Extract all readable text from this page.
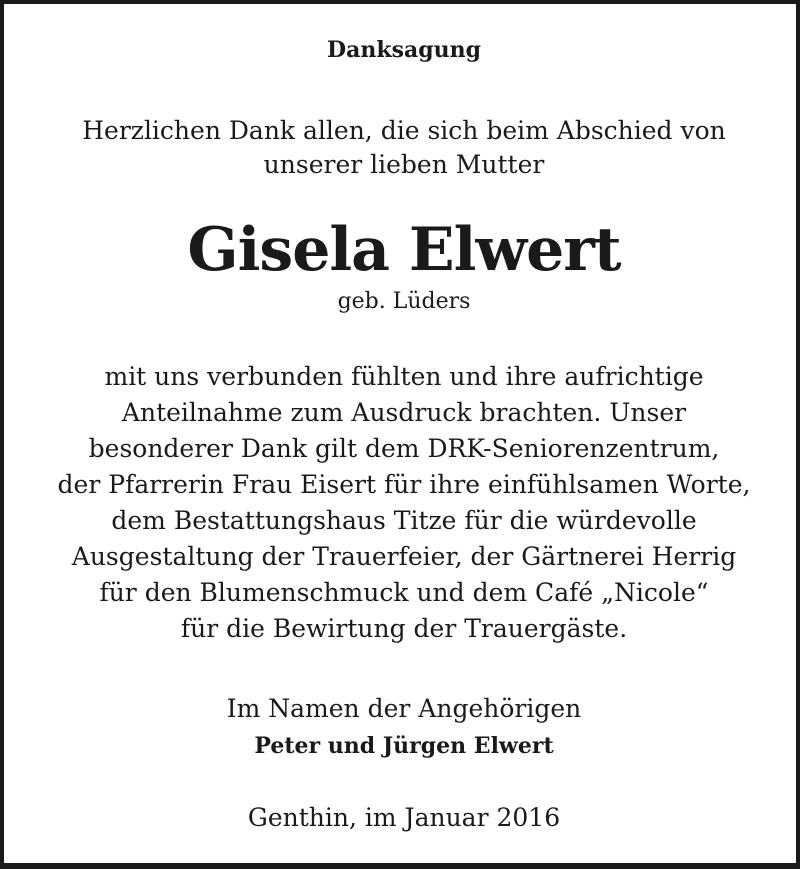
Danksagung

Herzlichen Dank allen, die sich beim Abschied von

unserer lieben Mutter

Gisela Elwert

geb. Lüders

mit uns verbunden fühlten und ihre aufrichtige

Anteilnahme zum Ausdruck brachten. Unser

besonderer Dank gilt dem DRK-Seniorenzentrum,

der Pfarrerin Frau Eisert für ihre einfühlsamen Worte,

dem Bestattungshaus Titze für die würdevolle

Ausgestaltung der Trauerfeier, der Gärtnerei Herrig

für den Blumenschmuck und dem Café „Nicole“

für die Bewirtung der Trauergäste.

Im Namen der Angehörigen

Peter und Jürgen Elwert

Genthin, im Januar 2016
